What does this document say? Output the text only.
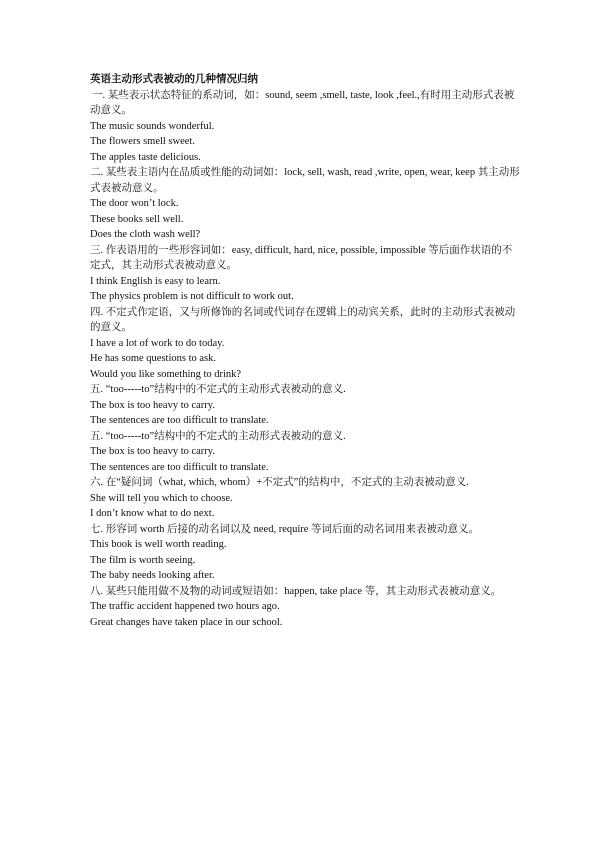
英语主动形式表被动的几种情况归纳

一. 某些表示状态特征的系动词，如：sound, seem ,smell, taste, look ,feel.,有时用主动形式表被动意义。

The music sounds wonderful.

The flowers smell sweet.

The apples taste delicious.

二. 某些表主语内在品质或性能的动词如：lock, sell, wash, read ,write, open, wear, keep 其主动形式表被动意义。

The door won’t lock.

These books sell well.

Does the cloth wash well?

三. 作表语用的一些形容词如：easy, difficult, hard, nice, possible, impossible 等后面作状语的不定式，其主动形式表被动意义。

I think English is easy to learn.

The physics problem is not difficult to work out.

四. 不定式作定语，又与所修饰的名词或代词存在逻辑上的动宾关系，此时的主动形式表被动的意义。

I have a lot of work to do today.

He has some questions to ask.

Would you like something to drink?

五. “too-----to”结构中的不定式的主动形式表被动的意义.

The box is too heavy to carry.

The sentences are too difficult to translate.

五. “too-----to”结构中的不定式的主动形式表被动的意义.

The box is too heavy to carry.

The sentences are too difficult to translate.

六. 在“疑问词（what, which, whom）+不定式”的结构中，不定式的主动表被动意义.

She will tell you which to choose.

I don’t know what to do next.

七. 形容词 worth 后接的动名词以及 need, require 等词后面的动名词用来表被动意义。

This book is well worth reading.

The film is worth seeing.

The baby needs looking after.

八. 某些只能用做不及物的动词或短语如：happen, take place 等，其主动形式表被动意义。

The traffic accident happened two hours ago.

Great changes have taken place in our school.
